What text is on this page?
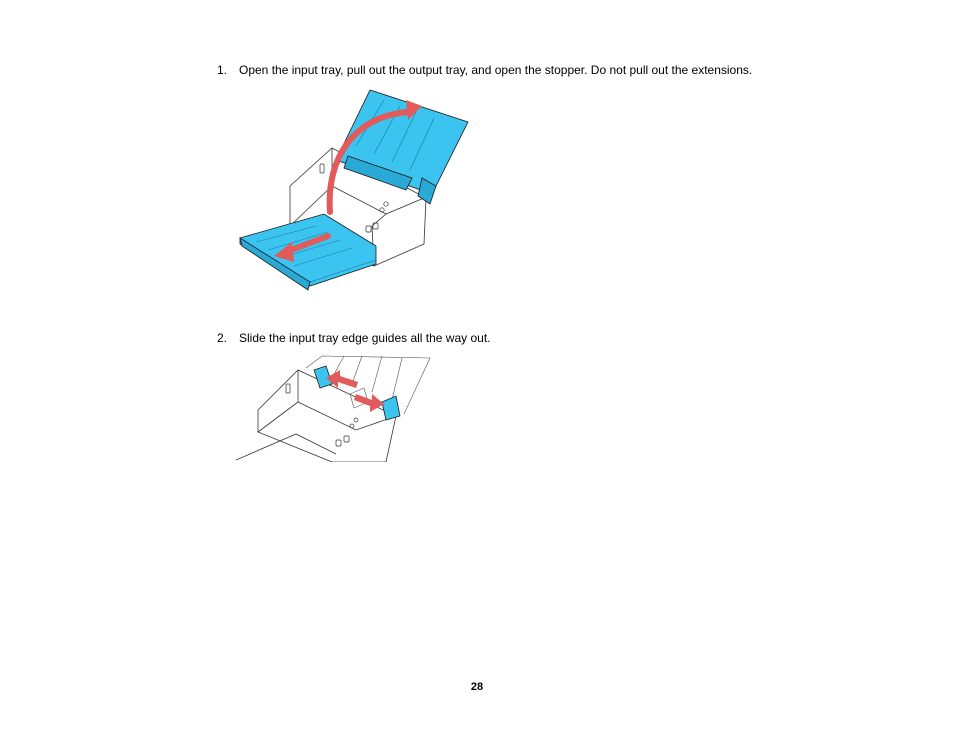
1. Open the input tray, pull out the output tray, and open the stopper. Do not pull out the extensions.
2. Slide the input tray edge guides all the way out.
28
